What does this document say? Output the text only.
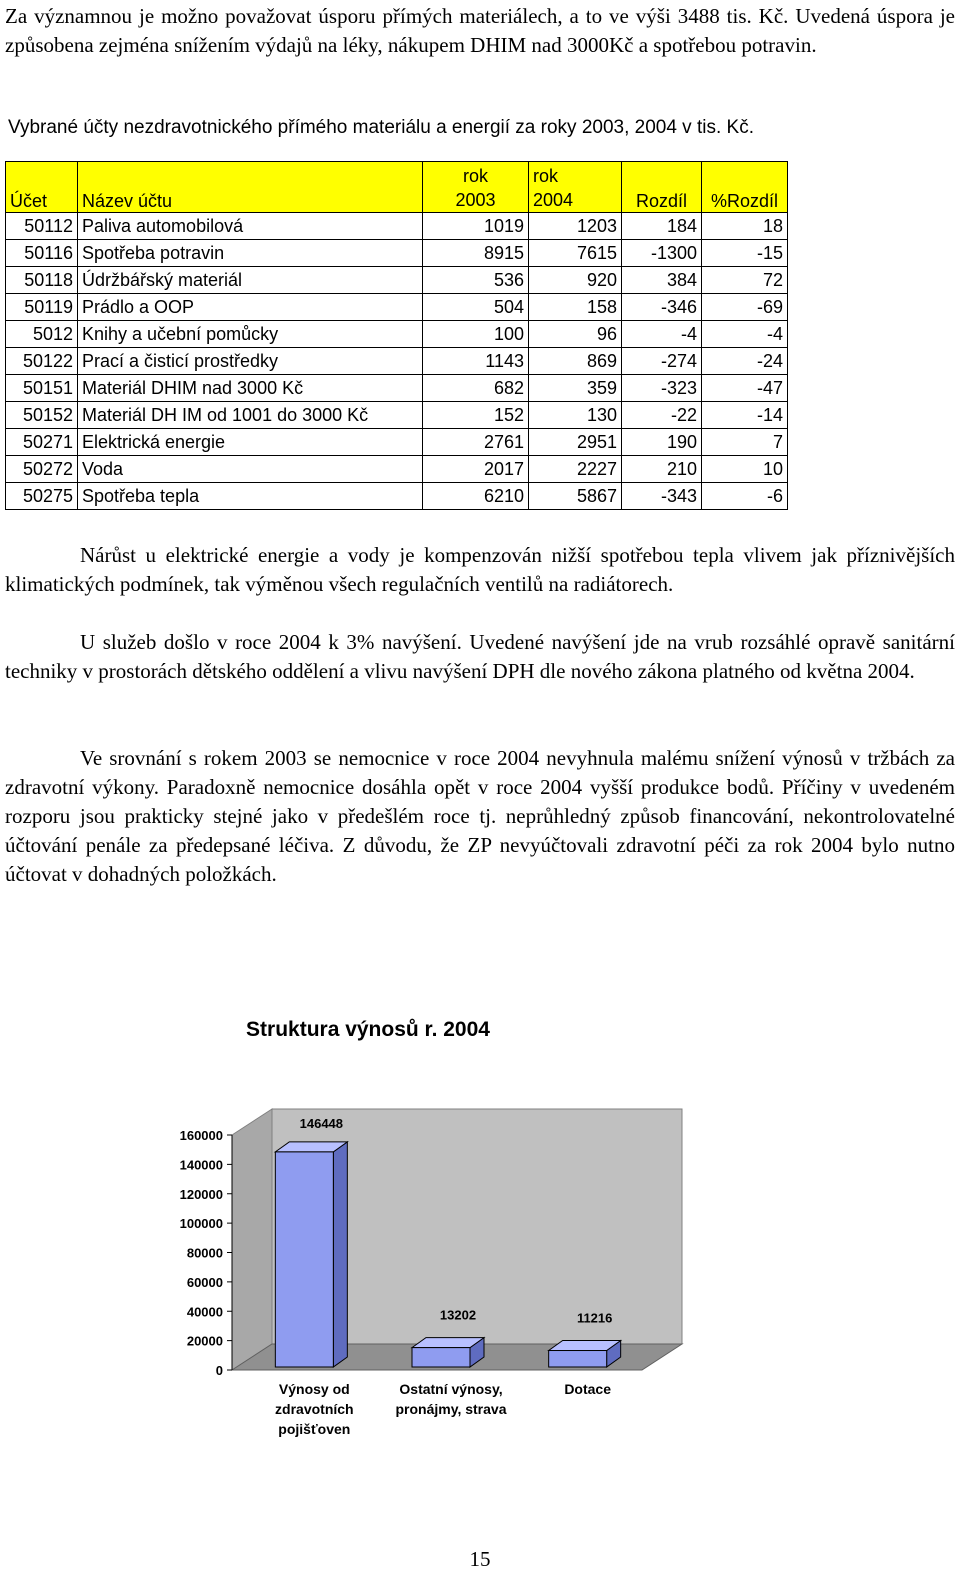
Za významnou je možno považovat úsporu přímých materiálech, a to ve výši 3488 tis. Kč. Uvedená úspora je způsobena zejména snížením výdajů na léky, nákupem DHIM nad 3000Kč a spotřebou potravin.
Vybrané účty nezdravotnického přímého materiálu a energií za roky 2003, 2004 v tis. Kč.
Účet	Název účtu	rok 2003	rok 2004	Rozdíl	%Rozdíl
50112	Paliva automobilová	1019	1203	184	18
50116	Spotřeba potravin	8915	7615	-1300	-15
50118	Údržbářský materiál	536	920	384	72
50119	Prádlo a OOP	504	158	-346	-69
5012	Knihy a učební pomůcky	100	96	-4	-4
50122	Prací a čisticí prostředky	1143	869	-274	-24
50151	Materiál DHIM nad 3000 Kč	682	359	-323	-47
50152	Materiál DH IM od 1001 do 3000 Kč	152	130	-22	-14
50271	Elektrická energie	2761	2951	190	7
50272	Voda	2017	2227	210	10
50275	Spotřeba tepla	6210	5867	-343	-6
Nárůst u elektrické energie a vody je kompenzován nižší spotřebou tepla vlivem jak příznivějších klimatických podmínek, tak výměnou všech regulačních ventilů na radiátorech.
U služeb došlo v roce 2004 k 3% navýšení. Uvedené navýšení jde na vrub rozsáhlé opravě sanitární techniky v prostorách dětského oddělení a vlivu navýšení DPH dle nového zákona platného od května 2004.
Ve srovnání s rokem 2003 se nemocnice v roce 2004 nevyhnula malému snížení výnosů v tržbách za zdravotní výkony. Paradoxně nemocnice dosáhla opět v roce 2004 vyšší produkce bodů. Příčiny v uvedeném rozporu jsou prakticky stejné jako v předešlém roce tj. neprůhledný způsob financování, nekontrolovatelné účtování penále za předepsané léčiva. Z důvodu, že ZP nevyúčtovali zdravotní péči za rok 2004 bylo nutno účtovat v dohadných položkách.
Struktura výnosů r. 2004
0
20000
40000
60000
80000
100000
120000
140000
160000
146448
Výnosy od
zdravotních
pojišťoven
13202
Ostatní výnosy,
pronájmy, strava
11216
Dotace
15
